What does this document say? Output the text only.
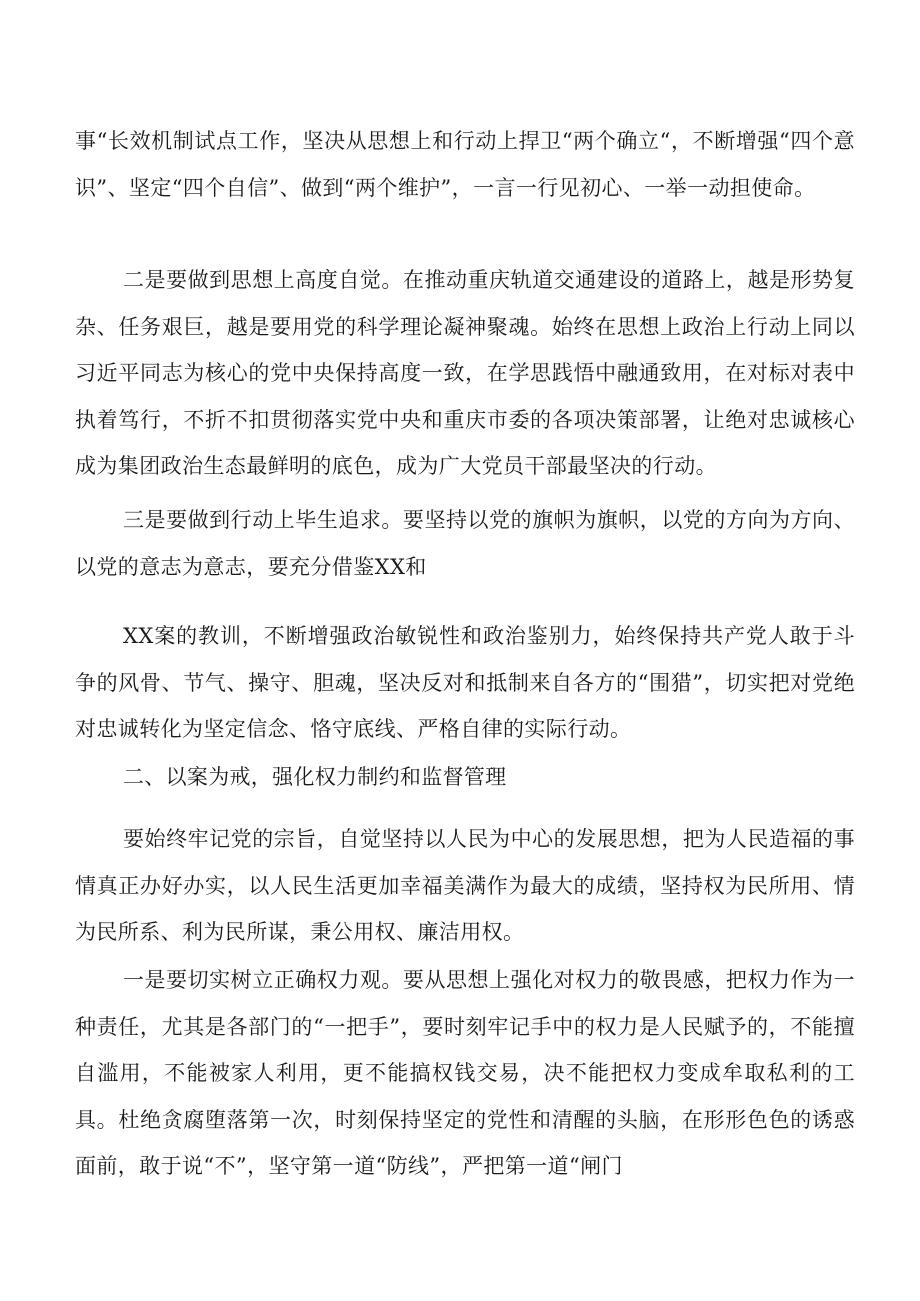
事“长效机制试点工作，坚决从思想上和行动上捍卫“两个确立“，不断增强“四个意识”、坚定“四个自信”、做到“两个维护”，一言一行见初心、一举一动担使命。

二是要做到思想上高度自觉。在推动重庆轨道交通建设的道路上，越是形势复杂、任务艰巨，越是要用党的科学理论凝神聚魂。始终在思想上政治上行动上同以习近平同志为核心的党中央保持高度一致，在学思践悟中融通致用，在对标对表中执着笃行，不折不扣贯彻落实党中央和重庆市委的各项决策部署，让绝对忠诚核心成为集团政治生态最鲜明的底色，成为广大党员干部最坚决的行动。

三是要做到行动上毕生追求。要坚持以党的旗帜为旗帜，以党的方向为方向、以党的意志为意志，要充分借鉴XX和

XX案的教训，不断增强政治敏锐性和政治鉴别力，始终保持共产党人敢于斗争的风骨、节气、操守、胆魂，坚决反对和抵制来自各方的“围猎”，切实把对党绝对忠诚转化为坚定信念、恪守底线、严格自律的实际行动。

二、以案为戒，强化权力制约和监督管理

要始终牢记党的宗旨，自觉坚持以人民为中心的发展思想，把为人民造福的事情真正办好办实，以人民生活更加幸福美满作为最大的成绩，坚持权为民所用、情为民所系、利为民所谋，秉公用权、廉洁用权。

一是要切实树立正确权力观。要从思想上强化对权力的敬畏感，把权力作为一种责任，尤其是各部门的“一把手”，要时刻牢记手中的权力是人民赋予的，不能擅自滥用，不能被家人利用，更不能搞权钱交易，决不能把权力变成牟取私利的工具。杜绝贪腐堕落第一次，时刻保持坚定的党性和清醒的头脑，在形形色色的诱惑面前，敢于说“不”，坚守第一道“防线”，严把第一道“闸门
